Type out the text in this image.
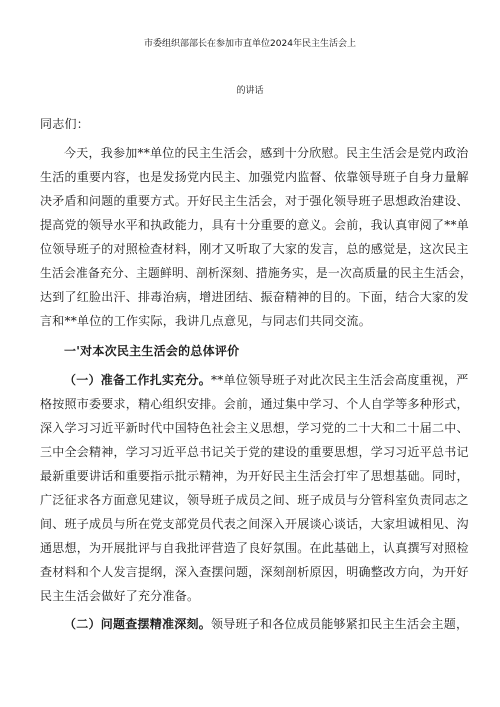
市委组织部部长在参加市直单位2024年民主生活会上
的讲话
同志们：
今天，我参加**单位的民主生活会，感到十分欣慰。民主生活会是党内政治
生活的重要内容，也是发扬党内民主、加强党内监督、依靠领导班子自身力量解
决矛盾和问题的重要方式。开好民主生活会，对于强化领导班子思想政治建设、
提高党的领导水平和执政能力，具有十分重要的意义。会前，我认真审阅了**单
位领导班子的对照检查材料，刚才又听取了大家的发言，总的感觉是，这次民主
生活会准备充分、主题鲜明、剖析深刻、措施务实，是一次高质量的民主生活会，
达到了红脸出汗、排毒治病，增进团结、振奋精神的目的。下面，结合大家的发
言和**单位的工作实际，我讲几点意见，与同志们共同交流。
一'对本次民主生活会的总体评价
（一）准备工作扎实充分。**单位领导班子对此次民主生活会高度重视，严
格按照市委要求，精心组织安排。会前，通过集中学习、个人自学等多种形式，
深入学习习近平新时代中国特色社会主义思想，学习党的二十大和二十届二中、
三中全会精神，学习习近平总书记关于党的建设的重要思想，学习习近平总书记
最新重要讲话和重要指示批示精神，为开好民主生活会打牢了思想基础。同时，
广泛征求各方面意见建议，领导班子成员之间、班子成员与分管科室负责同志之
间、班子成员与所在党支部党员代表之间深入开展谈心谈话，大家坦诚相见、沟
通思想，为开展批评与自我批评营造了良好氛围。在此基础上，认真撰写对照检
查材料和个人发言提纲，深入查摆问题，深刻剖析原因，明确整改方向，为开好
民主生活会做好了充分准备。
（二）问题查摆精准深刻。领导班子和各位成员能够紧扣民主生活会主题，
